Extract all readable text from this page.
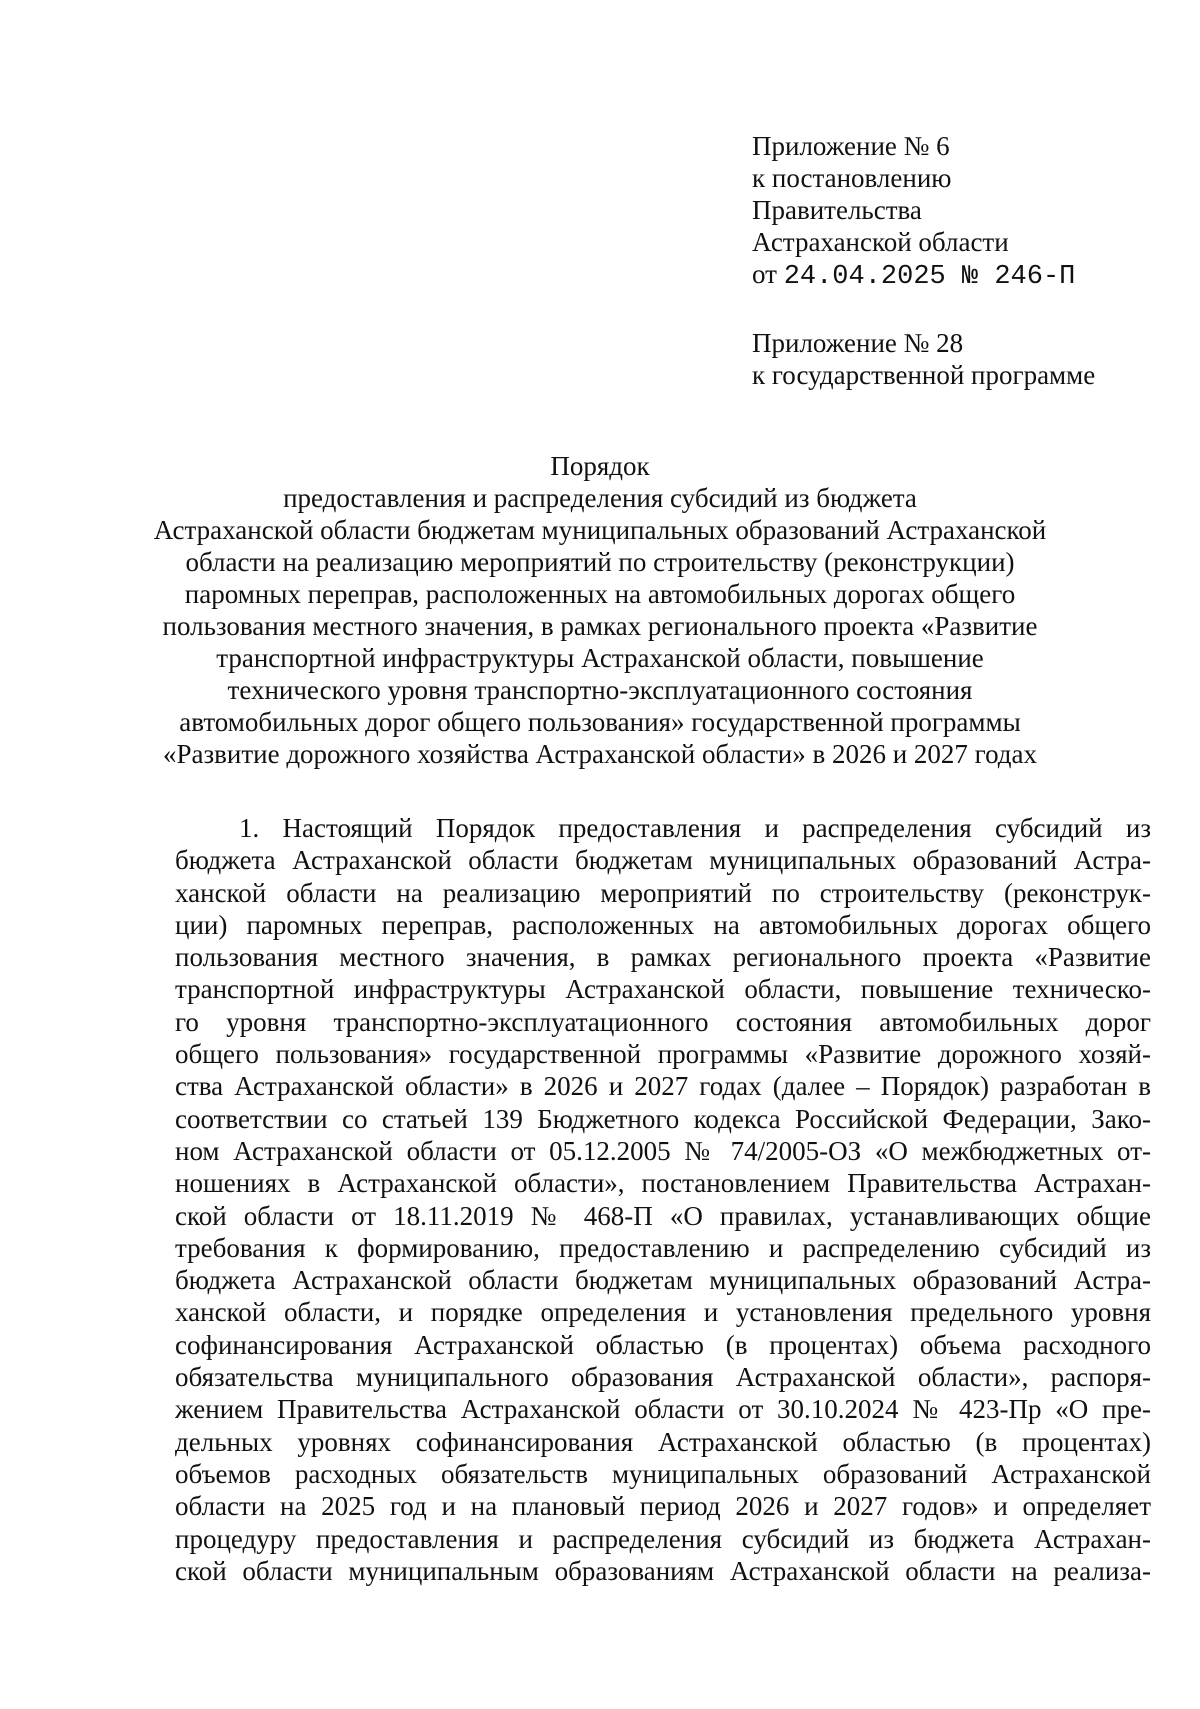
Приложение № 6
к постановлению
Правительства
Астраханской области
от 24.04.2025 № 246-П
Приложение № 28
к государственной программе
Порядок
предоставления и распределения субсидий из бюджета
Астраханской области бюджетам муниципальных образований Астраханской
области на реализацию мероприятий по строительству (реконструкции)
паромных переправ, расположенных на автомобильных дорогах общего
пользования местного значения, в рамках регионального проекта «Развитие
транспортной инфраструктуры Астраханской области, повышение
технического уровня транспортно-эксплуатационного состояния
автомобильных дорог общего пользования» государственной программы
«Развитие дорожного хозяйства Астраханской области» в 2026 и 2027 годах
1. Настоящий Порядок предоставления и распределения субсидий из
бюджета Астраханской области бюджетам муниципальных образований Астра-
ханской области на реализацию мероприятий по строительству (реконструк-
ции) паромных переправ, расположенных на автомобильных дорогах общего
пользования местного значения, в рамках регионального проекта «Развитие
транспортной инфраструктуры Астраханской области, повышение техническо-
го уровня транспортно-эксплуатационного состояния автомобильных дорог
общего пользования» государственной программы «Развитие дорожного хозяй-
ства Астраханской области» в 2026 и 2027 годах (далее – Порядок) разработан в
соответствии со статьей 139 Бюджетного кодекса Российской Федерации, Зако-
ном Астраханской области от 05.12.2005 № 74/2005-ОЗ «О межбюджетных от-
ношениях в Астраханской области», постановлением Правительства Астрахан-
ской области от 18.11.2019 № 468-П «О правилах, устанавливающих общие
требования к формированию, предоставлению и распределению субсидий из
бюджета Астраханской области бюджетам муниципальных образований Астра-
ханской области, и порядке определения и установления предельного уровня
софинансирования Астраханской областью (в процентах) объема расходного
обязательства муниципального образования Астраханской области», распоря-
жением Правительства Астраханской области от 30.10.2024 № 423-Пр «О пре-
дельных уровнях софинансирования Астраханской областью (в процентах)
объемов расходных обязательств муниципальных образований Астраханской
области на 2025 год и на плановый период 2026 и 2027 годов» и определяет
процедуру предоставления и распределения субсидий из бюджета Астрахан-
ской области муниципальным образованиям Астраханской области на реализа-
